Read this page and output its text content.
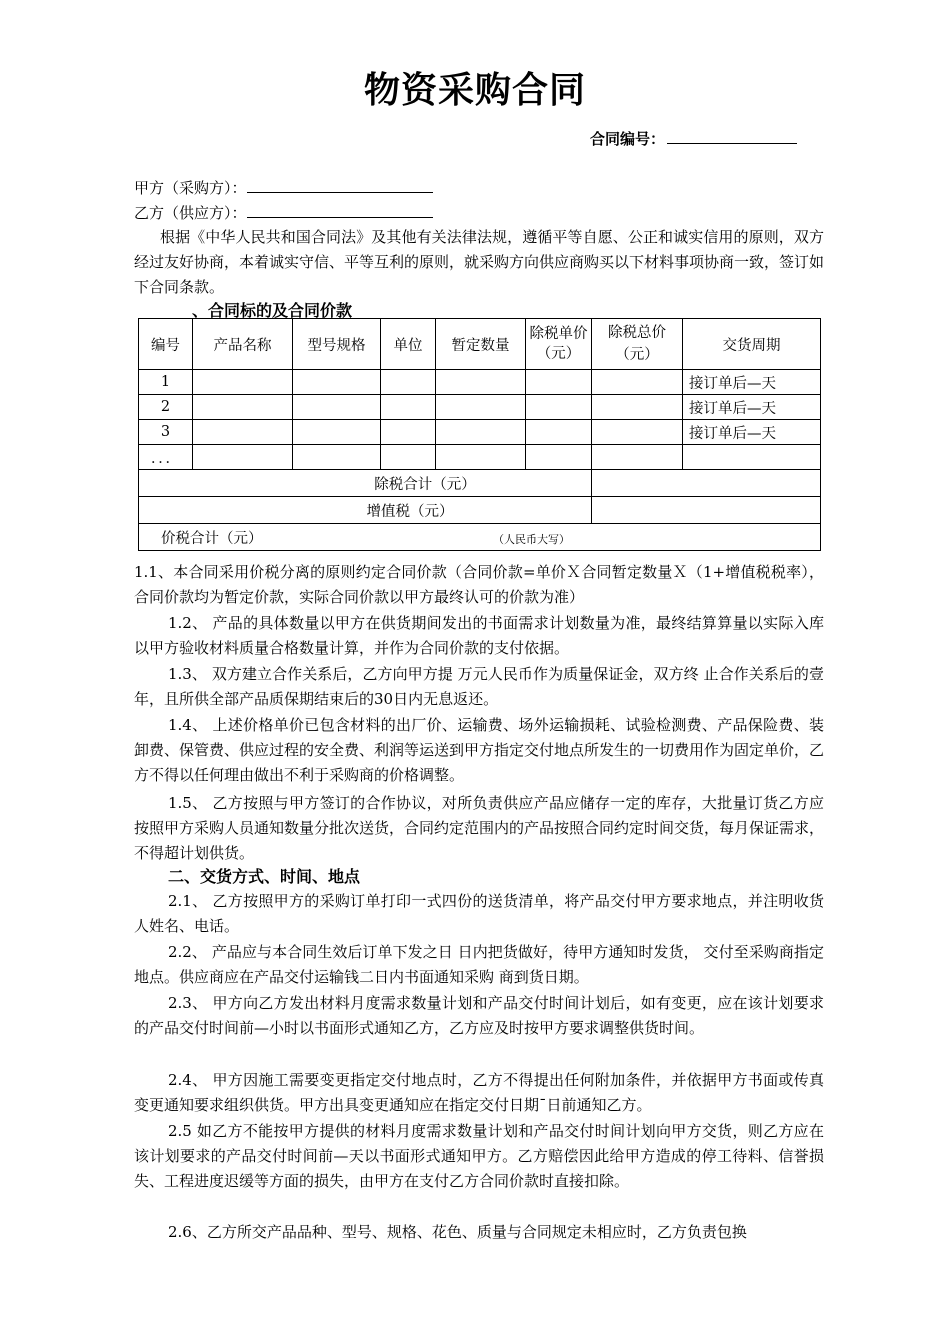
物资采购合同
合同编号：
甲方（采购方）：
乙方（供应方）：
根据《中华人民共和国合同法》及其他有关法律法规，遵循平等自愿、公正和诚实信用的原则，双方经过友好协商，本着诚实守信、平等互利的原则，就采购方向供应商购买以下材料事项协商一致，签订如下合同条款。
、合同标的及合同价款
编号	产品名称	型号规格	单位	暂定数量	除税单价（元）	除税总价（元）	交货周期
1							接订单后—天
2							接订单后—天
3							接订单后—天
．．．							
除税合计（元）							
增值税（元）							
价税合计（元） （人民币大写）							
1.1、本合同采用价税分离的原则约定合同价款（合同价款=单价Ｘ合同暂定数量Ｘ（1+增值税税率），合同价款均为暂定价款，实际合同价款以甲方最终认可的价款为准）
1.2、 产品的具体数量以甲方在供货期间发出的书面需求计划数量为准，最终结算算量以实际入库以甲方验收材料质量合格数量计算，并作为合同价款的支付依据。
1.3、 双方建立合作关系后，乙方向甲方提 万元人民币作为质量保证金，双方终 止合作关系后的壹年，且所供全部产品质保期结束后的30日内无息返还。
1.4、 上述价格单价已包含材料的出厂价、运输费、场外运输损耗、试验检测费、产品保险费、装卸费、保管费、供应过程的安全费、利润等运送到甲方指定交付地点所发生的一切费用作为固定单价，乙方不得以任何理由做出不利于采购商的价格调整。
1.5、 乙方按照与甲方签订的合作协议，对所负责供应产品应储存一定的库存，大批量订货乙方应按照甲方采购人员通知数量分批次送货，合同约定范围内的产品按照合同约定时间交货，每月保证需求，不得超计划供货。
二、交货方式、时间、地点
2.1、 乙方按照甲方的采购订单打印一式四份的送货清单，将产品交付甲方要求地点，并注明收货人姓名、电话。
2.2、 产品应与本合同生效后订单下发之日 日内把货做好，待甲方通知时发货， 交付至采购商指定地点。供应商应在产品交付运输钱二日内书面通知采购 商到货日期。
2.3、 甲方向乙方发出材料月度需求数量计划和产品交付时间计划后，如有变更，应在该计划要求的产品交付时间前—小时以书面形式通知乙方，乙方应及时按甲方要求调整供货时间。
2.4、 甲方因施工需要变更指定交付地点时，乙方不得提出任何附加条件，并依据甲方书面或传真变更通知要求组织供货。甲方出具变更通知应在指定交付日期ˉ日前通知乙方。
2.5 如乙方不能按甲方提供的材料月度需求数量计划和产品交付时间计划向甲方交货，则乙方应在该计划要求的产品交付时间前—天以书面形式通知甲方。乙方赔偿因此给甲方造成的停工待料、信誉损失、工程进度迟缓等方面的损失，由甲方在支付乙方合同价款时直接扣除。
2.6、乙方所交产品品种、型号、规格、花色、质量与合同规定未相应时，乙方负责包换
